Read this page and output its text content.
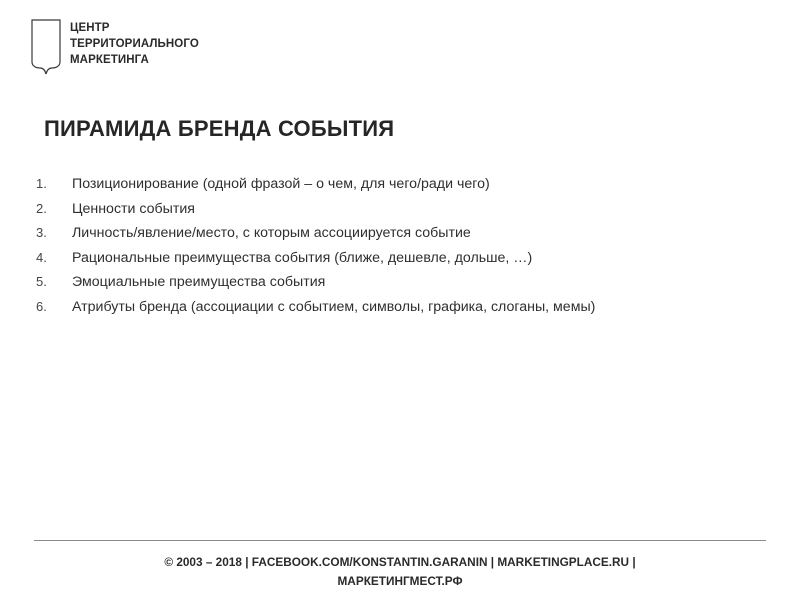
ЦЕНТР
ТЕРРИТОРИАЛЬНОГО
МАРКЕТИНГА
ПИРАМИДА БРЕНДА СОБЫТИЯ
1.	Позиционирование (одной фразой – о чем, для чего/ради чего)
2.	Ценности события
3.	Личность/явление/место, с которым ассоциируется событие
4.	Рациональные преимущества события (ближе, дешевле, дольше, …)
5.	Эмоциальные преимущества события
6.	Атрибуты бренда (ассоциации с событием, символы, графика, слоганы, мемы)
© 2003 – 2018 | FACEBOOK.COM/KONSTANTIN.GARANIN | MARKETINGPLACE.RU |
МАРКЕТИНГМЕСТ.РФ
